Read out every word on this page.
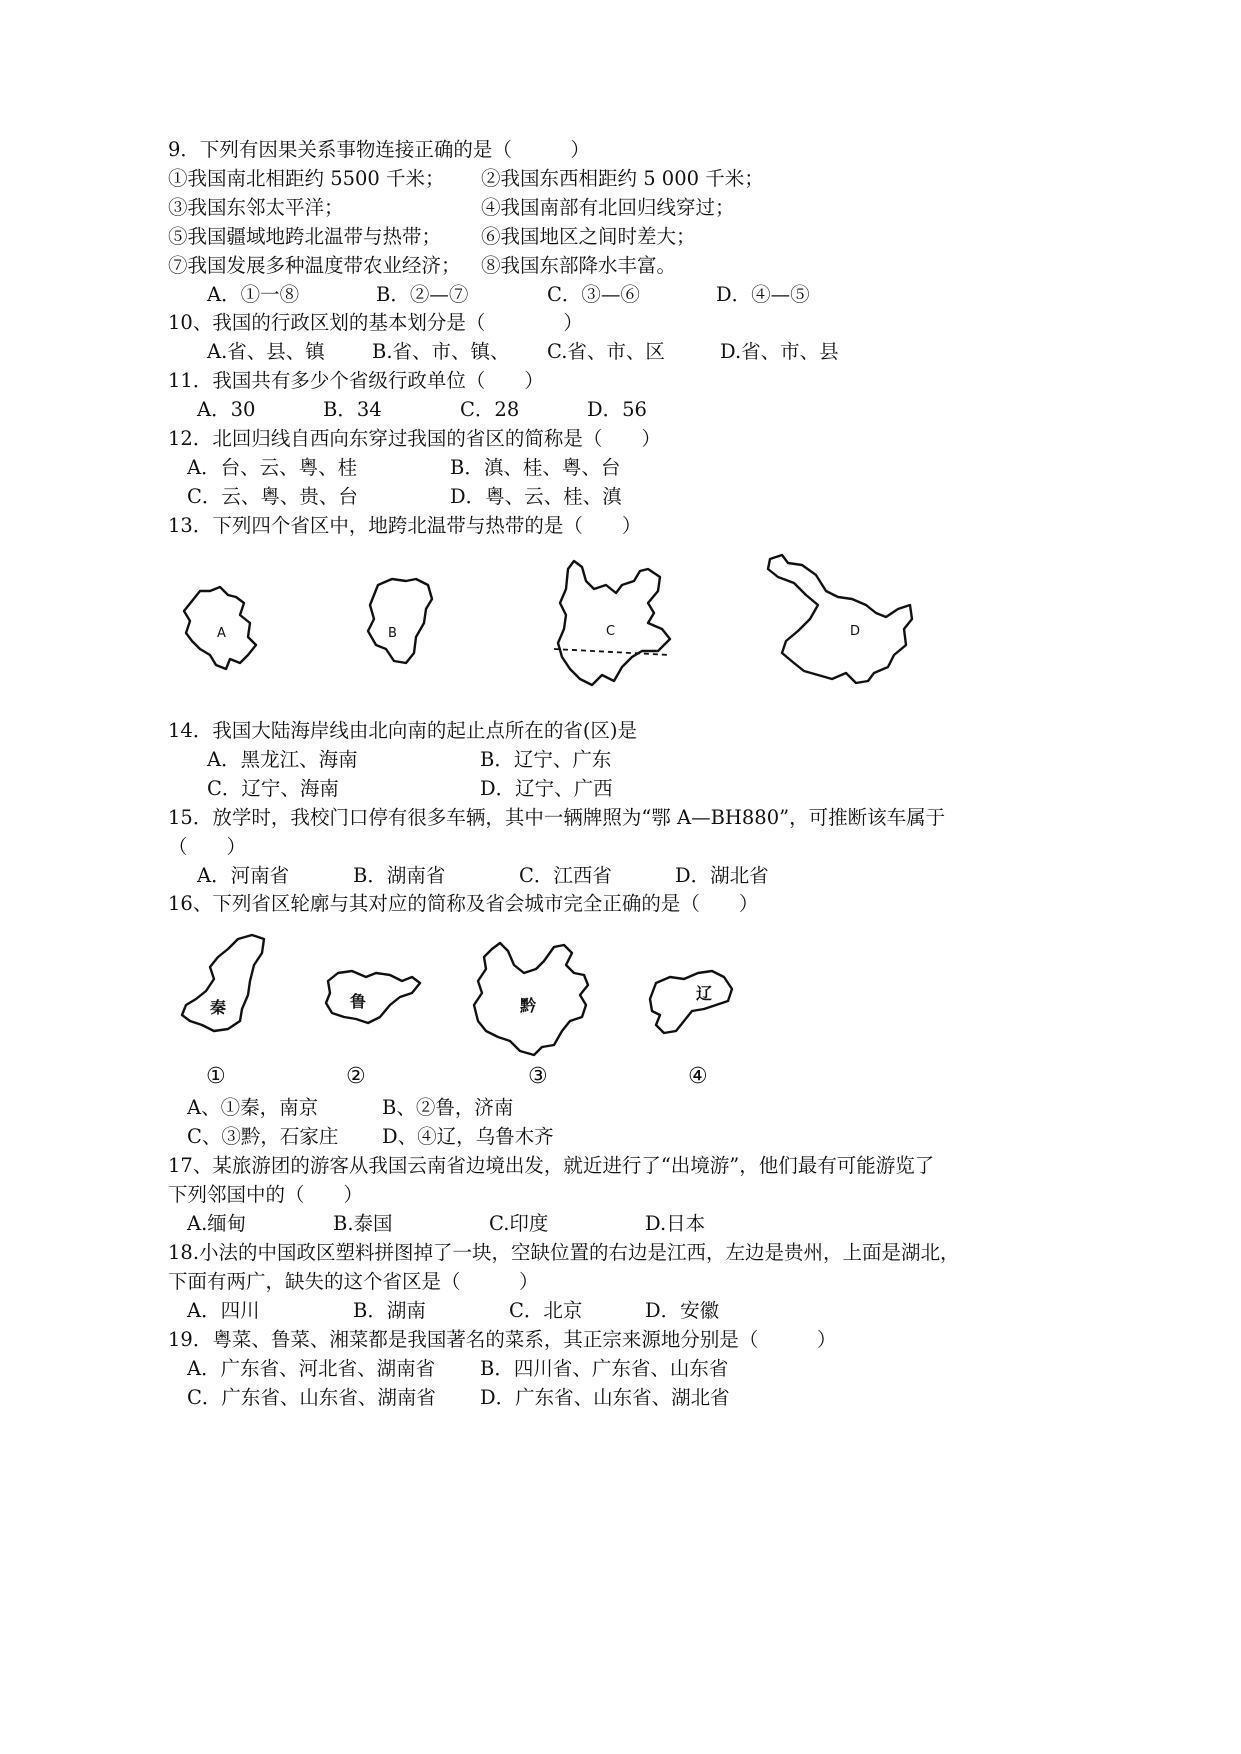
9．下列有因果关系事物连接正确的是（　　　）
①我国南北相距约 5500 千米； ②我国东西相距约 5 000 千米；
③我国东邻太平洋；	④我国南部有北回归线穿过；
⑤我国疆域地跨北温带与热带； ⑥我国地区之间时差大；
⑦我国发展多种温度带农业经济； ⑧我国东部降水丰富。
A．①一⑧	B．②—⑦	C．③—⑥	D．④—⑤
10、我国的行政区划的基本划分是（　　　　）
A.省、县、镇 B.省、市、镇、 C.省、市、区	D.省、市、县
11．我国共有多少个省级行政单位（　　）
A．30	B．34	C．28	D．56
12．北回归线自西向东穿过我国的省区的简称是（　　）
A．台、云、粤、桂	B．滇、桂、粤、台
C．云、粤、贵、台	D．粤、云、桂、滇
13．下列四个省区中，地跨北温带与热带的是（　　）
A	B	C	D
14．我国大陆海岸线由北向南的起止点所在的省(区)是
A．黑龙江、海南	B．辽宁、广东
C．辽宁、海南	D．辽宁、广西
15．放学时，我校门口停有很多车辆，其中一辆牌照为“鄂 A—BH880”，可推断该车属于
（　　）
A．河南省	B．湖南省	C．江西省	D．湖北省
16、下列省区轮廓与其对应的简称及省会城市完全正确的是（　　）
秦	鲁	黔
辽
①	②	③	④
A、①秦，南京	B、②鲁，济南
C、③黔，石家庄 D、④辽，乌鲁木齐
17、某旅游团的游客从我国云南省边境出发，就近进行了“出境游”，他们最有可能游览了
下列邻国中的（　　）
A.缅甸	B.泰国	C.印度	D.日本
18.小法的中国政区塑料拼图掉了一块，空缺位置的右边是江西，左边是贵州，上面是湖北，
下面有两广，缺失的这个省区是（　　　）
A．四川	B．湖南	C．北京	D．安徽
19．粤菜、鲁菜、湘菜都是我国著名的菜系，其正宗来源地分别是（　　　）
A．广东省、河北省、湖南省 B．四川省、广东省、山东省
C．广东省、山东省、湖南省 D．广东省、山东省、湖北省
